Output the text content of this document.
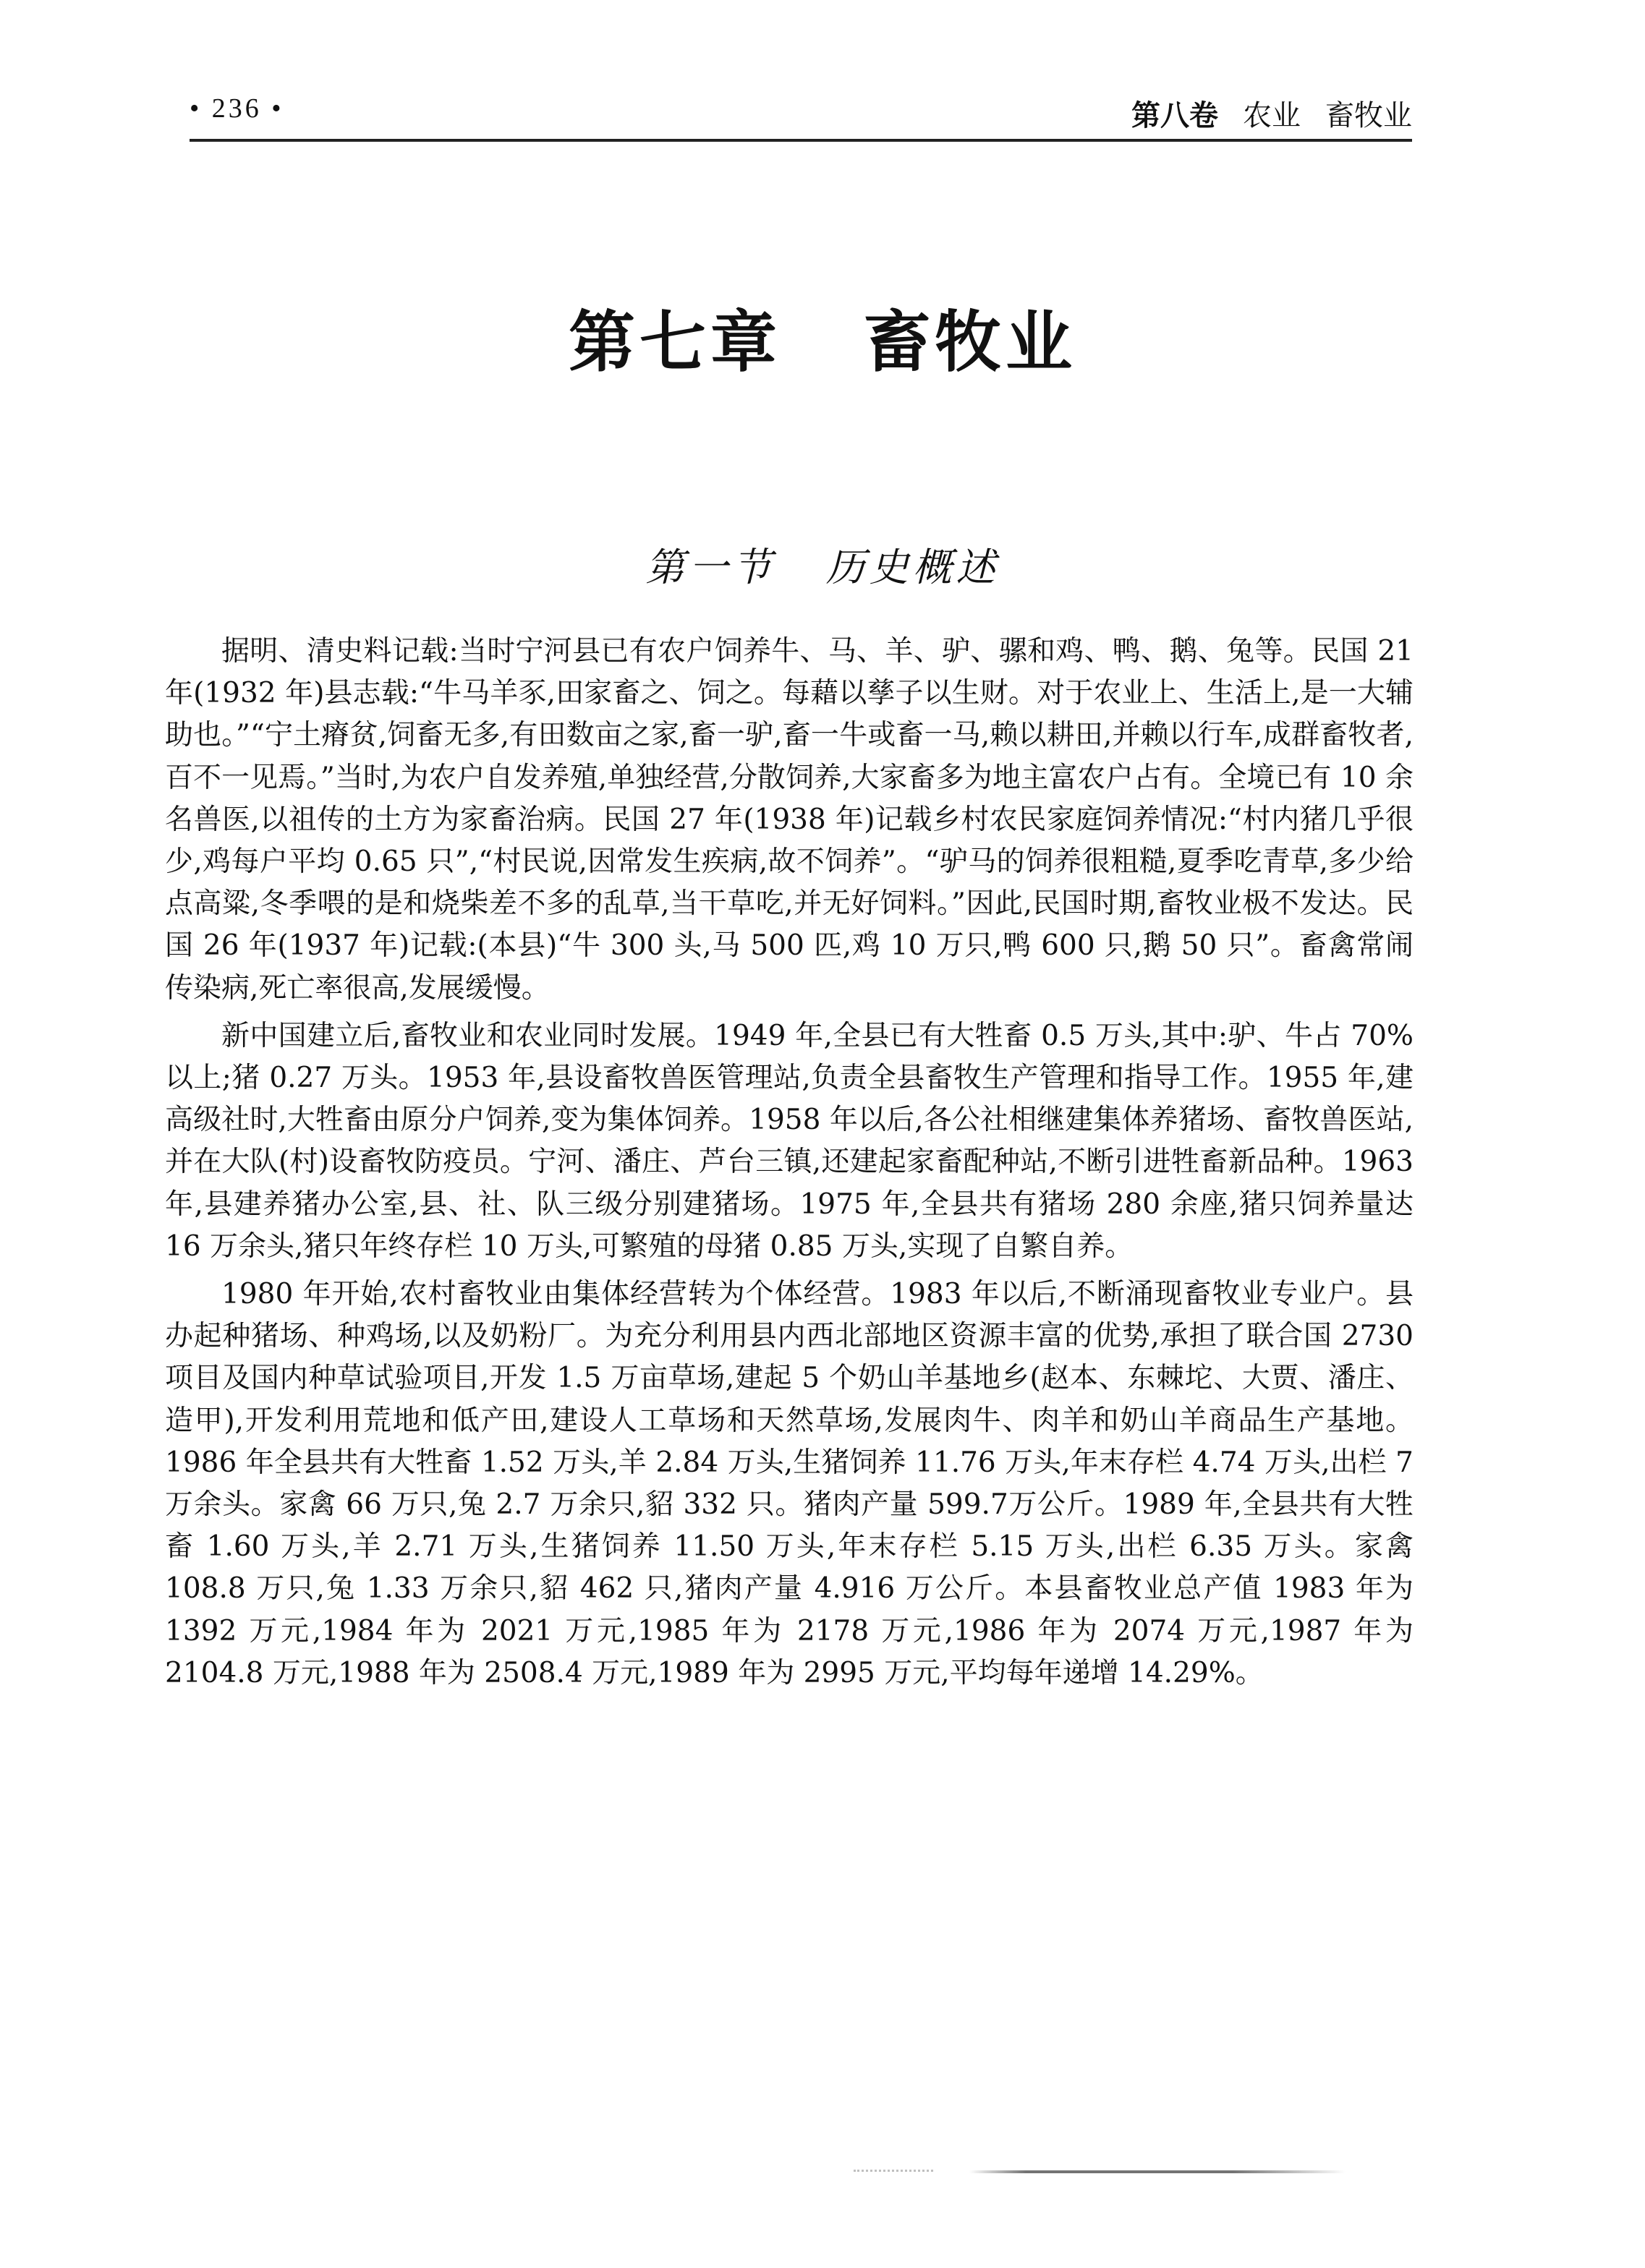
• 236 •	第八卷 农业 畜牧业
第七章   畜牧业
第一节   历史概述

据明、清史料记载:当时宁河县已有农户饲养牛、马、羊、驴、骡和鸡、鸭、鹅、兔等。民国 21 年(1932 年)县志载:“牛马羊豕,田家畜之、饲之。每藉以孳子以生财。对于农业上、生活上,是一大辅助也。”“宁土瘠贫,饲畜无多,有田数亩之家,畜一驴,畜一牛或畜一马,赖以耕田,并赖以行车,成群畜牧者,百不一见焉。”当时,为农户自发养殖,单独经营,分散饲养,大家畜多为地主富农户占有。全境已有 10 余名兽医,以祖传的土方为家畜治病。民国 27 年(1938 年)记载乡村农民家庭饲养情况:“村内猪几乎很少,鸡每户平均 0.65 只”,“村民说,因常发生疾病,故不饲养”。“驴马的饲养很粗糙,夏季吃青草,多少给点高粱,冬季喂的是和烧柴差不多的乱草,当干草吃,并无好饲料。”因此,民国时期,畜牧业极不发达。民国 26 年(1937 年)记载:(本县)“牛 300 头,马 500 匹,鸡 10 万只,鸭 600 只,鹅 50 只”。畜禽常闹传染病,死亡率很高,发展缓慢。

新中国建立后,畜牧业和农业同时发展。1949 年,全县已有大牲畜 0.5 万头,其中:驴、牛占 70%以上;猪 0.27 万头。1953 年,县设畜牧兽医管理站,负责全县畜牧生产管理和指导工作。1955 年,建高级社时,大牲畜由原分户饲养,变为集体饲养。1958 年以后,各公社相继建集体养猪场、畜牧兽医站,并在大队(村)设畜牧防疫员。宁河、潘庄、芦台三镇,还建起家畜配种站,不断引进牲畜新品种。1963 年,县建养猪办公室,县、社、队三级分别建猪场。1975 年,全县共有猪场 280 余座,猪只饲养量达 16 万余头,猪只年终存栏 10 万头,可繁殖的母猪 0.85 万头,实现了自繁自养。

1980 年开始,农村畜牧业由集体经营转为个体经营。1983 年以后,不断涌现畜牧业专业户。县办起种猪场、种鸡场,以及奶粉厂。为充分利用县内西北部地区资源丰富的优势,承担了联合国 2730 项目及国内种草试验项目,开发 1.5 万亩草场,建起 5 个奶山羊基地乡(赵本、东棘坨、大贾、潘庄、造甲),开发利用荒地和低产田,建设人工草场和天然草场,发展肉牛、肉羊和奶山羊商品生产基地。1986 年全县共有大牲畜 1.52 万头,羊 2.84 万头,生猪饲养 11.76 万头,年末存栏 4.74 万头,出栏 7 万余头。家禽 66 万只,兔 2.7 万余只,貂 332 只。猪肉产量 599.7万公斤。1989 年,全县共有大牲畜 1.60 万头,羊 2.71 万头,生猪饲养 11.50 万头,年末存栏 5.15 万头,出栏 6.35 万头。家禽 108.8 万只,兔 1.33 万余只,貂 462 只,猪肉产量 4.916 万公斤。本县畜牧业总产值 1983 年为 1392 万元,1984 年为 2021 万元,1985 年为 2178 万元,1986 年为 2074 万元,1987 年为 2104.8 万元,1988 年为 2508.4 万元,1989 年为 2995 万元,平均每年递增 14.29%。
